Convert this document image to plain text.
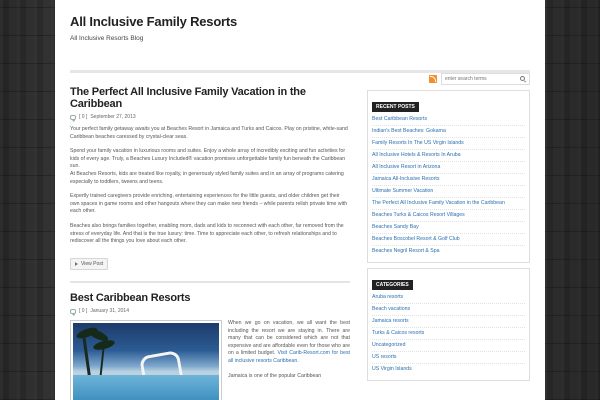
All Inclusive Family Resorts
All Inclusive Resorts Blog
The Perfect All Inclusive Family Vacation in the Caribbean
[ 0 ] September 27, 2013

Your perfect family getaway awaits you at Beaches Resort in Jamaica and Turks and Caicos. Play on pristine, white-sand Caribbean beaches caressed by crystal-clear seas.

Spend your family vacation in luxurious rooms and suites. Enjoy a whole array of incredibly exciting and fun activities for kids of every age. Truly, a Beaches Luxury Included® vacation promises unforgettable family fun beneath the Caribbean sun.
At Beaches Resorts, kids are treated like royalty, in generously styled family suites and in an array of programs catering especially to toddlers, tweens and teens.

Expertly trained caregivers provide enriching, entertaining experiences for the little guests, and older children get their own spaces in game rooms and other hangouts where they can make new friends – while parents relish private time with each other.

Beaches also brings families together, enabling mom, dads and kids to reconnect with each other, far removed from the stress of everyday life. And that is the true luxury: time. Time to appreciate each other, to refresh relationships and to rediscover all the things you love about each other.

View Post
Best Caribbean Resorts
[ 0 ] January 31, 2014
When we go on vacation, we all want the best including the resort we are staying in. There are many that can be considered which are not that expensive and are affordable even for those who are on a limited budget. Visit Carib-Resort.com for best all inclusive resorts Caribbean.

Jamaica is one of the popular Caribbean
enter search terms
RECENT POSTS
Best Caribbean Resorts
Indian's Best Beaches: Gokarna
Family Resorts In The US Virgin Islands
All Inclusive Hotels & Resorts In Aruba
All Inclusive Resort in Arizona
Jamaica All-Inclusive Resorts
Ultimate Summer Vacation
The Perfect All Inclusive Family Vacation in the Caribbean
Beaches Turks & Caicos Resort Villages
Beaches Sandy Bay
Beaches Boscobel Resort & Golf Club
Beaches Negril Resort & Spa
CATEGORIES
Aruba resorts
Beach vacations
Jamaica resorts
Turks & Caicos resorts
Uncategorized
US resorts
US Virgin Islands
